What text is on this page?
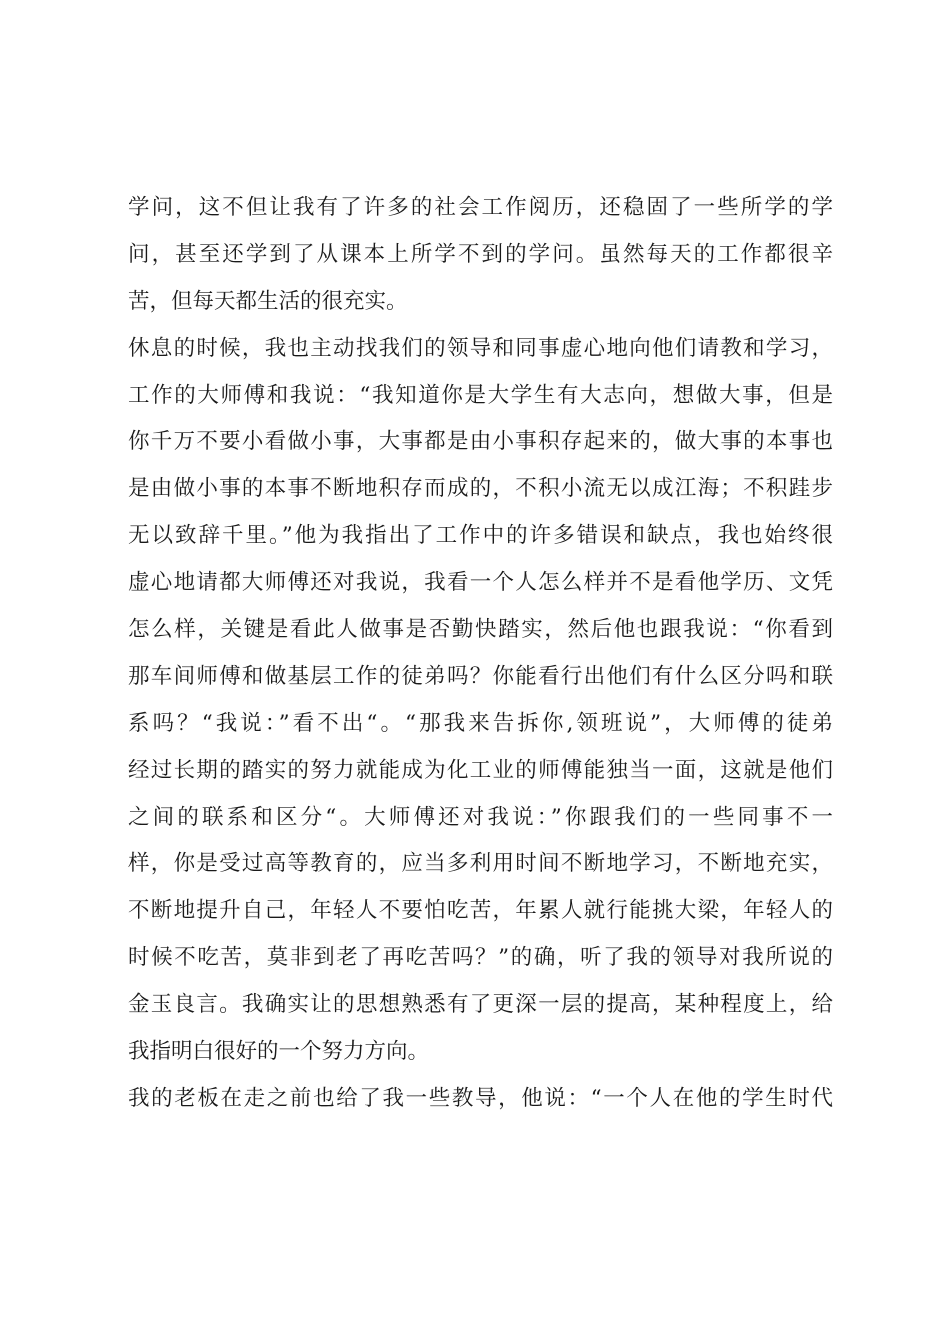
学问，这不但让我有了许多的社会工作阅历，还稳固了一些所学的学
问，甚至还学到了从课本上所学不到的学问。虽然每天的工作都很辛
苦，但每天都生活的很充实。
休息的时候，我也主动找我们的领导和同事虚心地向他们请教和学习，
工作的大师傅和我说：“我知道你是大学生有大志向，想做大事，但是
你千万不要小看做小事，大事都是由小事积存起来的，做大事的本事也
是由做小事的本事不断地积存而成的，不积小流无以成江海；不积跬步
无以致辞千里。”他为我指出了工作中的许多错误和缺点，我也始终很
虚心地请都大师傅还对我说，我看一个人怎么样并不是看他学历、文凭
怎么样，关键是看此人做事是否勤快踏实，然后他也跟我说：“你看到
那车间师傅和做基层工作的徒弟吗？你能看行出他们有什么区分吗和联
系吗？“我说：”看不出“。“那我来告拆你,领班说”，大师傅的徒弟
经过长期的踏实的努力就能成为化工业的师傅能独当一面，这就是他们
之间的联系和区分“。大师傅还对我说：”你跟我们的一些同事不一
样，你是受过高等教育的，应当多利用时间不断地学习，不断地充实，
不断地提升自己，年轻人不要怕吃苦，年累人就行能挑大梁，年轻人的
时候不吃苦，莫非到老了再吃苦吗？”的确，听了我的领导对我所说的
金玉良言。我确实让的思想熟悉有了更深一层的提高，某种程度上，给
我指明白很好的一个努力方向。
我的老板在走之前也给了我一些教导，他说：“一个人在他的学生时代
